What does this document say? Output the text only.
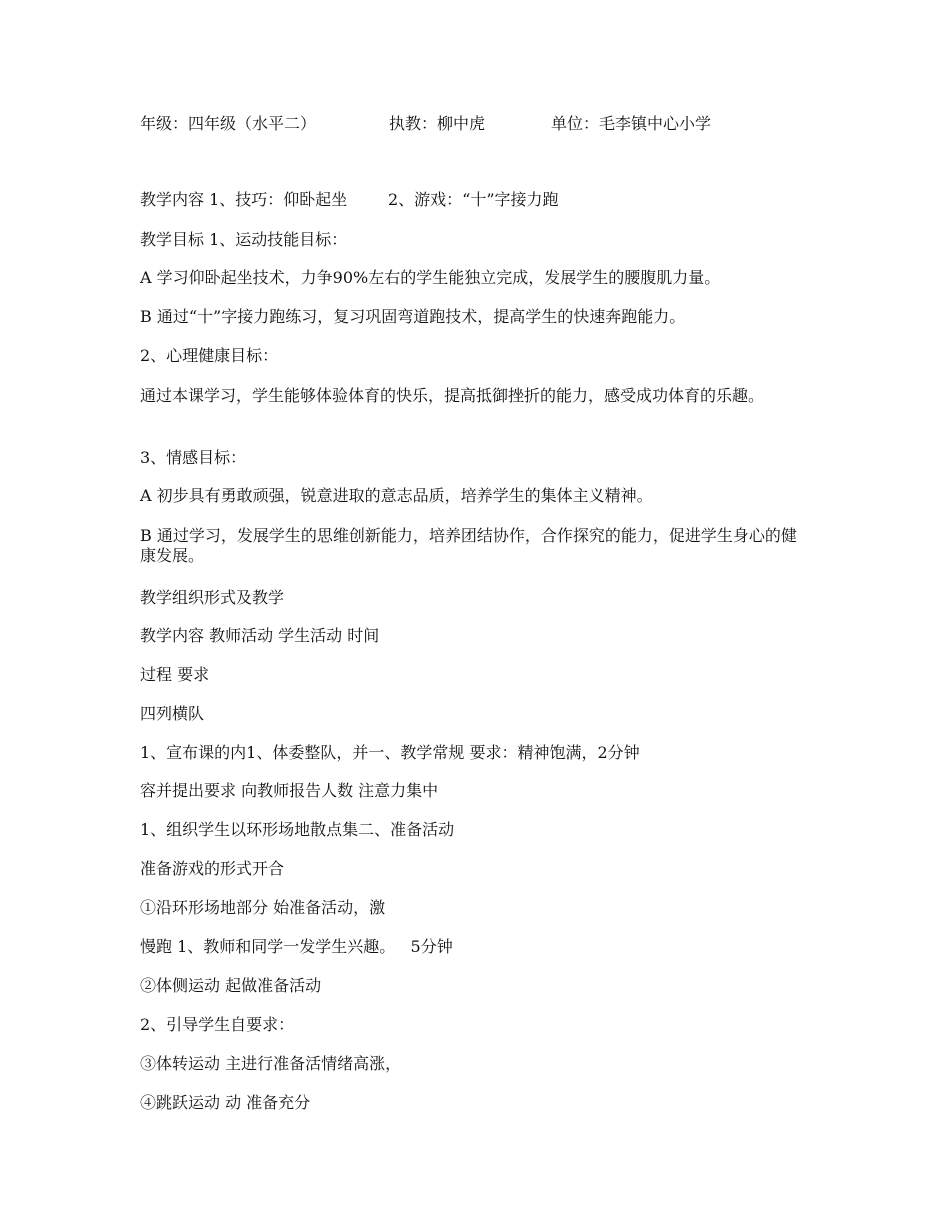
年级：四年级（水平二）	执教：柳中虎	单位：毛李镇中心小学
教学内容 1、技巧：仰卧起坐        2、游戏：“十”字接力跑
教学目标 1、运动技能目标：
A 学习仰卧起坐技术，力争90%左右的学生能独立完成，发展学生的腰腹肌力量。
B 通过“十”字接力跑练习，复习巩固弯道跑技术，提高学生的快速奔跑能力。
2、心理健康目标：
通过本课学习，学生能够体验体育的快乐，提高抵御挫折的能力，感受成功体育的乐趣。
3、情感目标：
A 初步具有勇敢顽强，锐意进取的意志品质，培养学生的集体主义精神。
B 通过学习，发展学生的思维创新能力，培养团结协作，合作探究的能力，促进学生身心的健康发展。
教学组织形式及教学
教学内容 教师活动 学生活动 时间
过程 要求
四列横队
1、宣布课的内1、体委整队，并一、教学常规 要求：精神饱满，2分钟
容并提出要求 向教师报告人数 注意力集中
1、组织学生以环形场地散点集二、准备活动
准备游戏的形式开合
①沿环形场地部分 始准备活动，激
慢跑 1、教师和同学一发学生兴趣。   5分钟
②体侧运动 起做准备活动
2、引导学生自要求：
③体转运动 主进行准备活情绪高涨，
④跳跃运动 动 准备充分
